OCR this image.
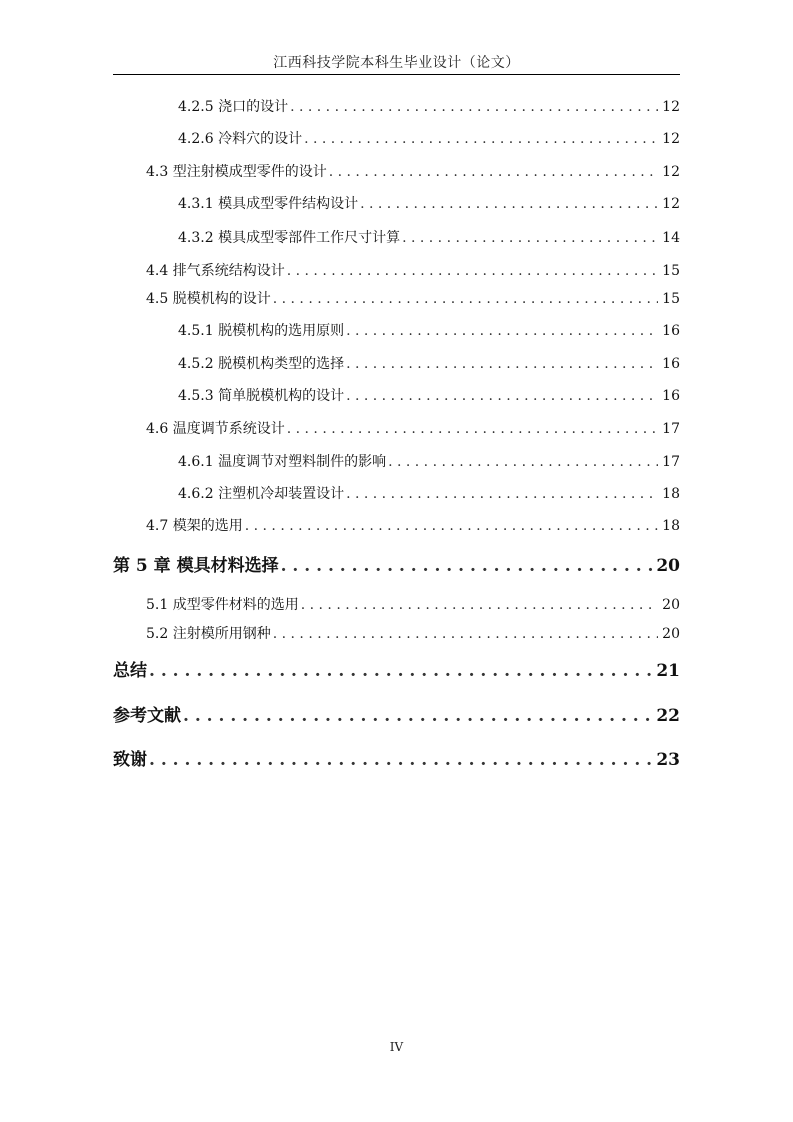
江西科技学院本科生毕业设计（论文）
4.2.5 浇口的设计 . . .	12
4.2.6 冷料穴的设计 . . .	12
4.3 型注射模成型零件的设计 . . .	12
4.3.1 模具成型零件结构设计 . . .	12
4.3.2 模具成型零部件工作尺寸计算 . . .	14
4.4 排气系统结构设计 . . .	15
4.5 脱模机构的设计 . . .	15
4.5.1 脱模机构的选用原则 . . .	16
4.5.2 脱模机构类型的选择 . . .	16
4.5.3 简单脱模机构的设计 . . .	16
4.6 温度调节系统设计 . . .	17
4.6.1 温度调节对塑料制件的影响 . . .	17
4.6.2 注塑机冷却装置设计 . . .	18
4.7 模架的选用 . . .	18
第 5 章 模具材料选择 . . .	20
5.1 成型零件材料的选用 . . .	20
5.2 注射模所用钢种 . . .	20
总结 . . .	21
参考文献 . . .	22
致谢 . . .	23
IV
